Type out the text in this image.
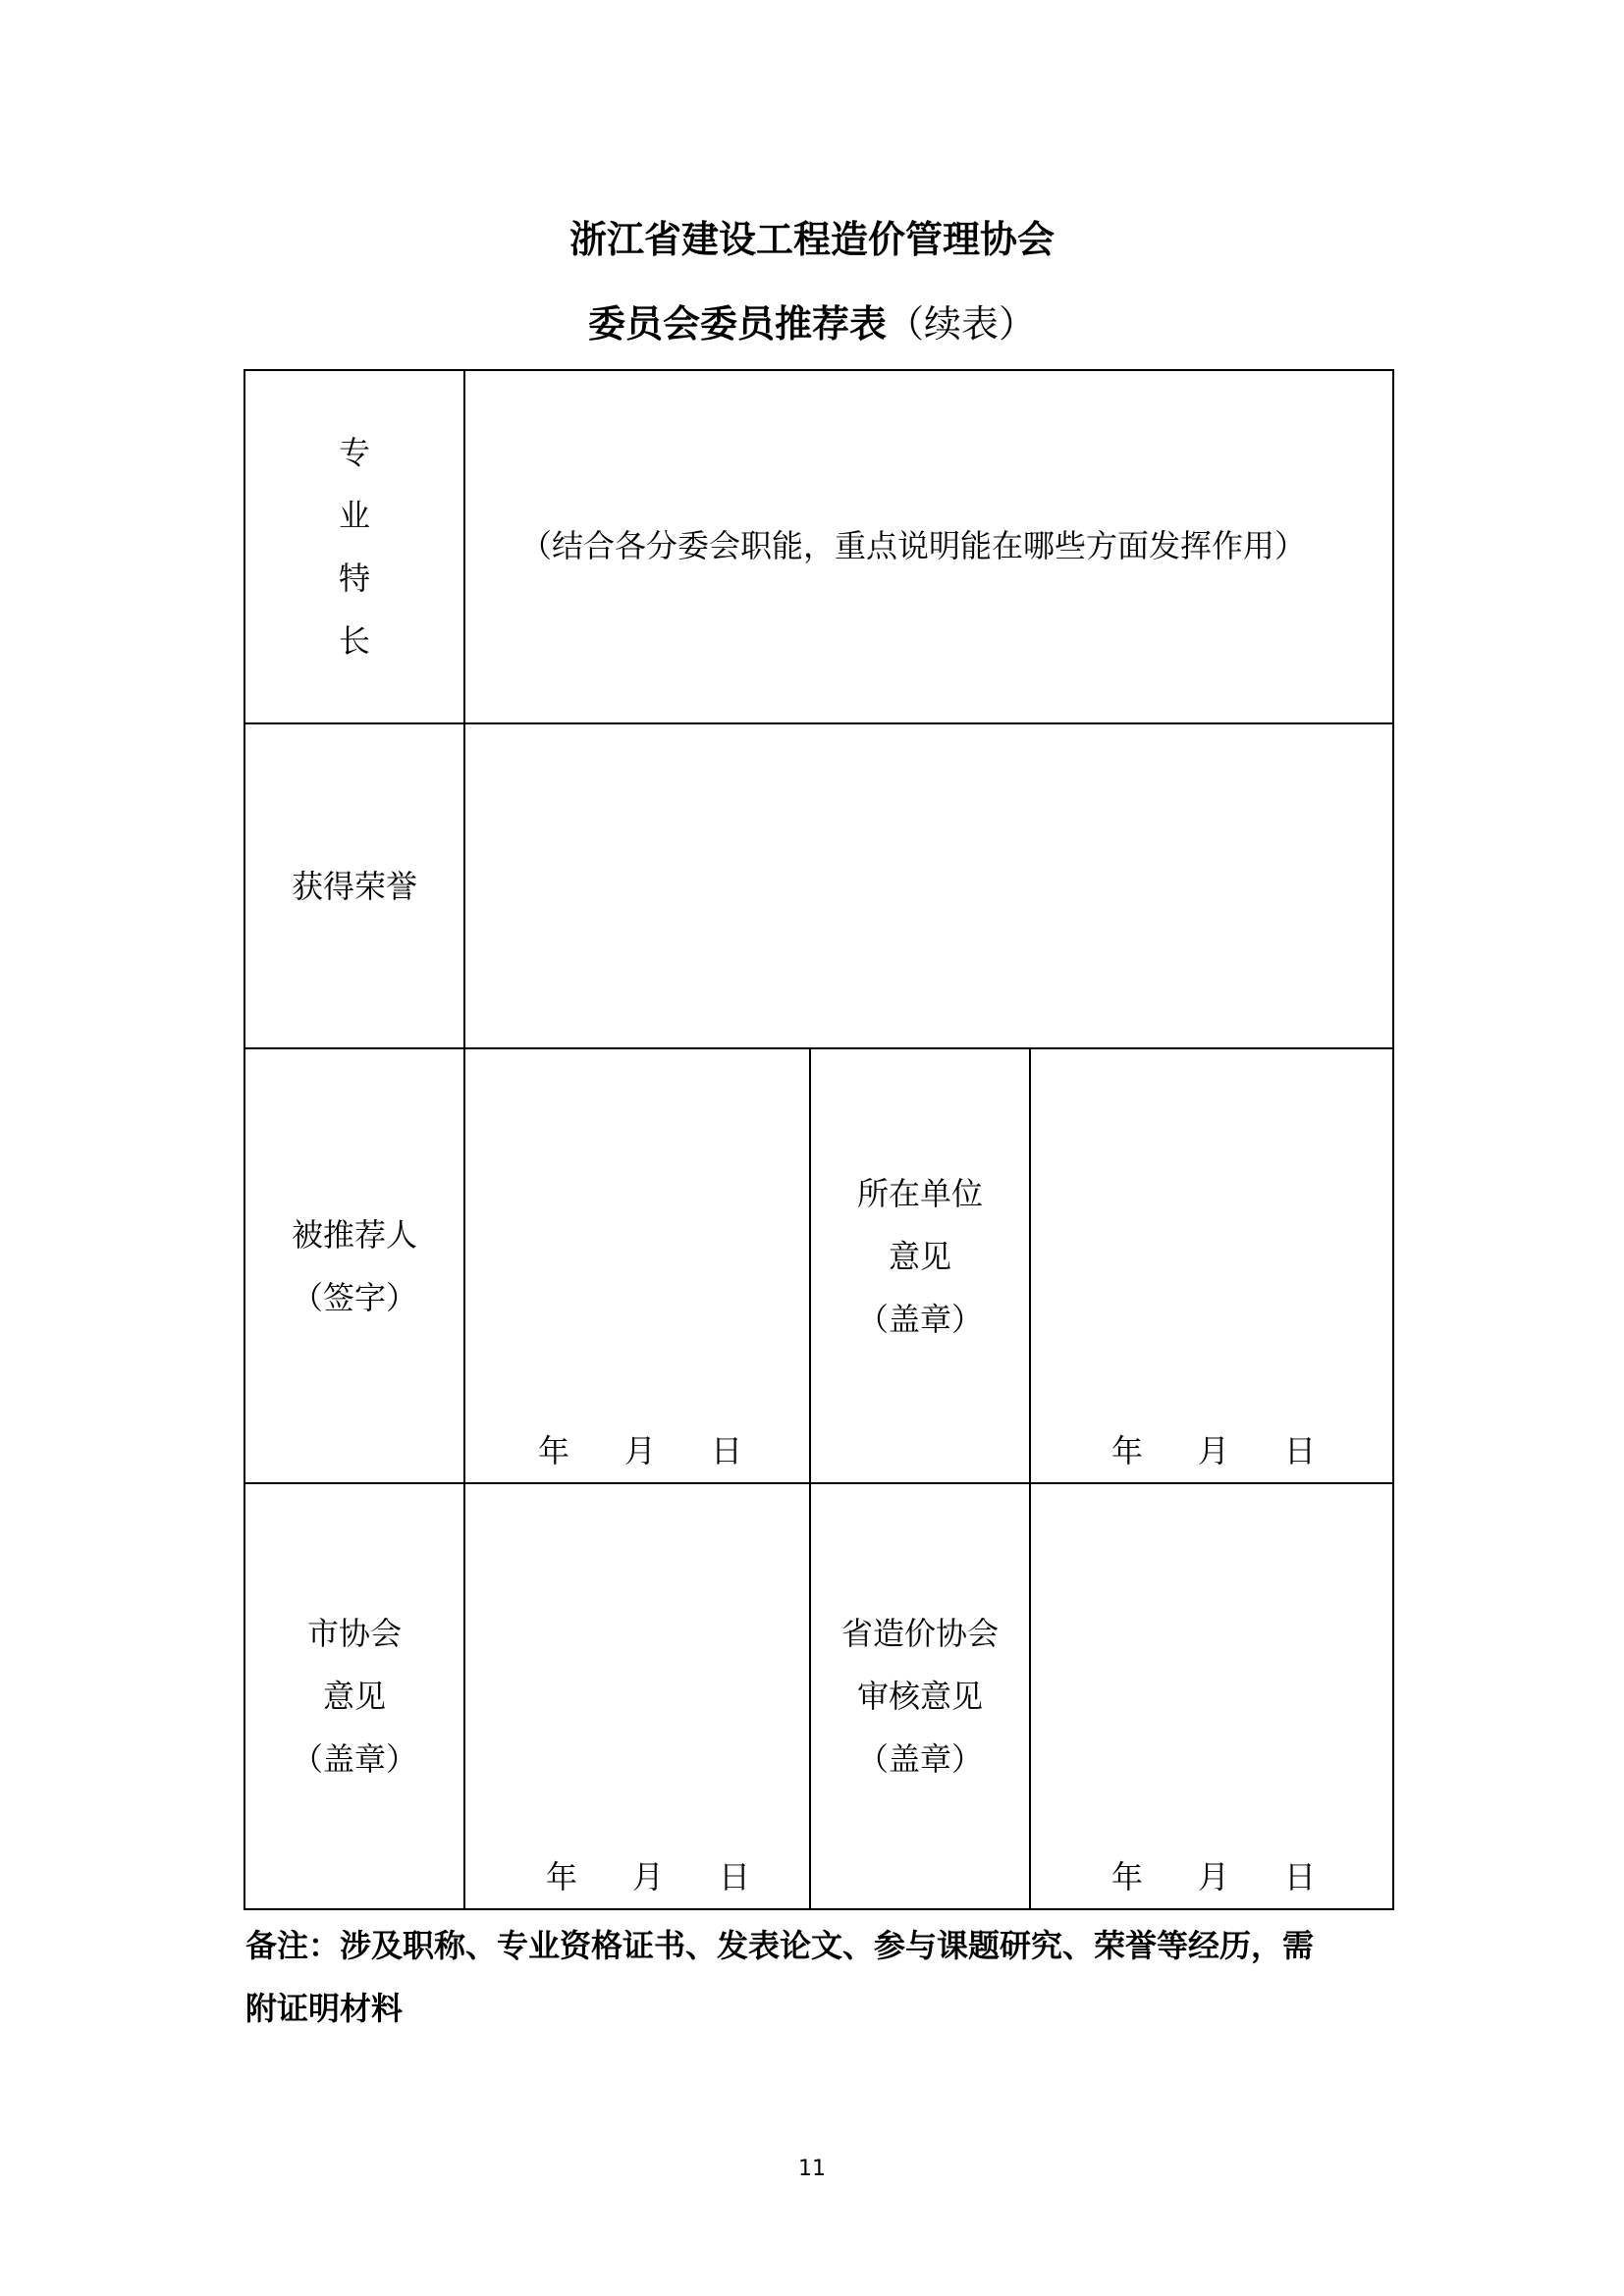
浙江省建设工程造价管理协会
委员会委员推荐表（续表）
专
业
特
长
（结合各分委会职能，重点说明能在哪些方面发挥作用）
获得荣誉
被推荐人
（签字）
年 月 日
所在单位
意见
（盖章）
年 月 日
市协会
意见
（盖章）
年 月 日
省造价协会
审核意见
（盖章）
年 月 日
备注：涉及职称、专业资格证书、发表论文、参与课题研究、荣誉等经历，需
附证明材料
11
